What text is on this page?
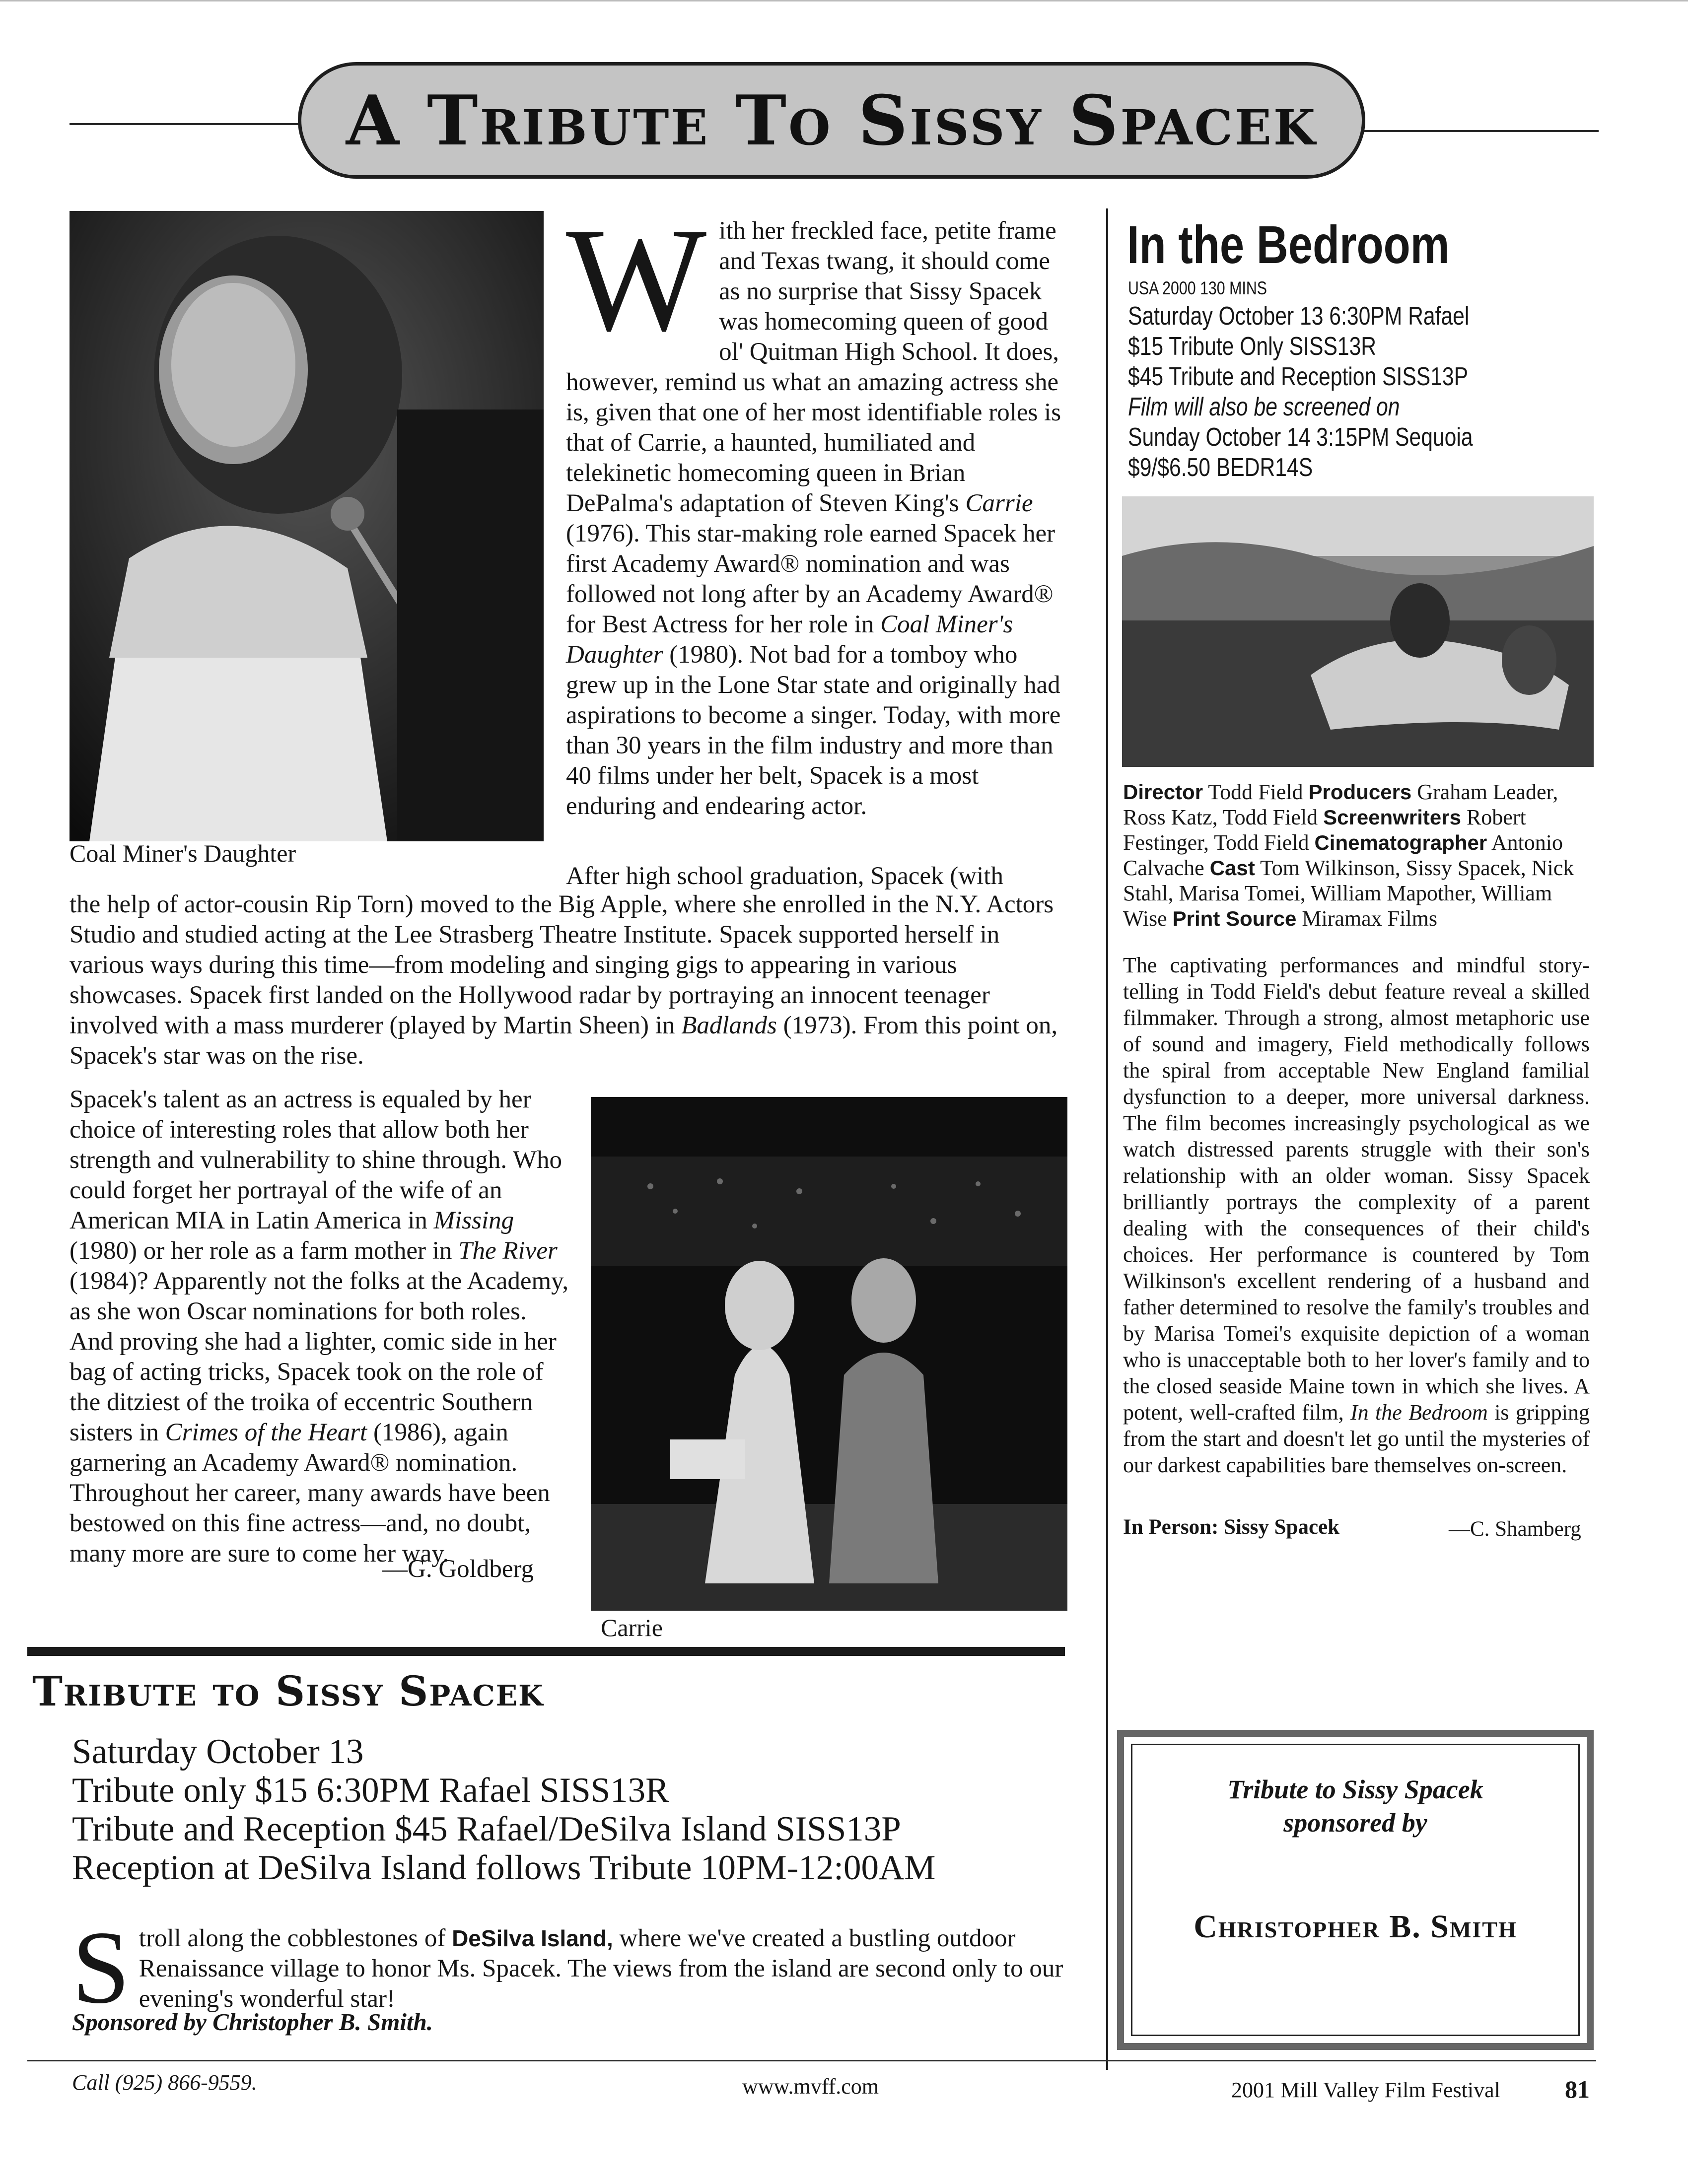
A Tribute To Sissy Spacek
Coal Miner's Daughter
With her freckled face, petite frame and Texas twang, it should come as no surprise that Sissy Spacek was homecoming queen of good ol' Quitman High School. It does, however, remind us what an amazing actress she is, given that one of her most identifiable roles is that of Carrie, a haunted, humiliated and telekinetic homecoming queen in Brian DePalma's adaptation of Steven King's Carrie (1976). This star-making role earned Spacek her first Academy Award® nomination and was followed not long after by an Academy Award® for Best Actress for her role in Coal Miner's Daughter (1980). Not bad for a tomboy who grew up in the Lone Star state and originally had aspirations to become a singer. Today, with more than 30 years in the film industry and more than 40 films under her belt, Spacek is a most enduring and endearing actor.
After high school graduation, Spacek (with
the help of actor-cousin Rip Torn) moved to the Big Apple, where she enrolled in the N.Y. Actors Studio and studied acting at the Lee Strasberg Theatre Institute. Spacek supported herself in various ways during this time—from modeling and singing gigs to appearing in various showcases. Spacek first landed on the Hollywood radar by portraying an innocent teenager involved with a mass murderer (played by Martin Sheen) in Badlands (1973). From this point on, Spacek's star was on the rise.
Spacek's talent as an actress is equaled by her choice of interesting roles that allow both her strength and vulnerability to shine through. Who could forget her portrayal of the wife of an American MIA in Latin America in Missing (1980) or her role as a farm mother in The River (1984)? Apparently not the folks at the Academy, as she won Oscar nominations for both roles. And proving she had a lighter, comic side in her bag of acting tricks, Spacek took on the role of the ditziest of the troika of eccentric Southern sisters in Crimes of the Heart (1986), again garnering an Academy Award® nomination. Throughout her career, many awards have been bestowed on this fine actress—and, no doubt, many more are sure to come her way.
—G. Goldberg
Carrie
In the Bedroom
USA 2000 130 MINS
Saturday October 13 6:30PM Rafael
$15 Tribute Only SISS13R
$45 Tribute and Reception SISS13P
Film will also be screened on
Sunday October 14 3:15PM Sequoia
$9/$6.50 BEDR14S
Director Todd Field Producers Graham Leader, Ross Katz, Todd Field Screenwriters Robert Festinger, Todd Field Cinematographer Antonio Calvache Cast Tom Wilkinson, Sissy Spacek, Nick Stahl, Marisa Tomei, William Mapother, William Wise Print Source Miramax Films
The captivating performances and mindful story-telling in Todd Field's debut feature reveal a skilled filmmaker. Through a strong, almost metaphoric use of sound and imagery, Field methodically follows the spiral from acceptable New England familial dysfunction to a deeper, more universal darkness. The film becomes increasingly psychological as we watch distressed parents struggle with their son's relationship with an older woman. Sissy Spacek brilliantly portrays the complexity of a parent dealing with the consequences of their child's choices. Her performance is countered by Tom Wilkinson's excellent rendering of a husband and father determined to resolve the family's troubles and by Marisa Tomei's exquisite depiction of a woman who is unacceptable both to her lover's family and to the closed seaside Maine town in which she lives. A potent, well-crafted film, In the Bedroom is gripping from the start and doesn't let go until the mysteries of our darkest capabilities bare themselves on-screen.
In Person: Sissy Spacek	—C. Shamberg
Tribute to Sissy Spacek
Saturday October 13
Tribute only $15 6:30PM Rafael SISS13R
Tribute and Reception $45 Rafael/DeSilva Island SISS13P
Reception at DeSilva Island follows Tribute 10PM-12:00AM
Stroll along the cobblestones of DeSilva Island, where we've created a bustling outdoor Renaissance village to honor Ms. Spacek. The views from the island are second only to our evening's wonderful star!
Sponsored by Christopher B. Smith.
Tribute to Sissy Spacek
sponsored by
Christopher B. Smith
Call (925) 866-9559.	www.mvff.com	2001 Mill Valley Film Festival	81
